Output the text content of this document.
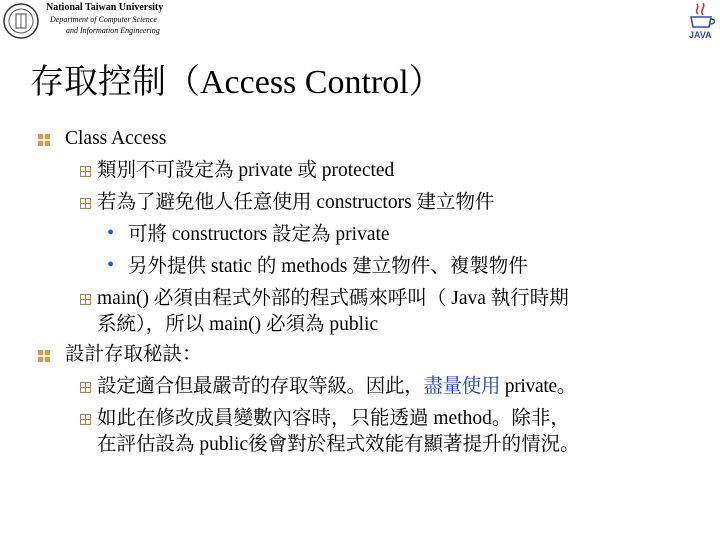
National Taiwan University
Department of Computer Science
and Information Engineering	JAVA
存取控制（Access Control）
Class Access
類別不可設定為 private 或 protected
若為了避免他人任意使用 constructors 建立物件
• 可將 constructors 設定為 private
• 另外提供 static 的 methods 建立物件、複製物件
main() 必須由程式外部的程式碼來呼叫（ Java 執行時期
系統），所以 main() 必須為 public
設計存取秘訣：
設定適合但最嚴苛的存取等級。因此，盡量使用 private。
如此在修改成員變數內容時，只能透過 method。除非，
在評估設為 public後會對於程式效能有顯著提升的情況。
